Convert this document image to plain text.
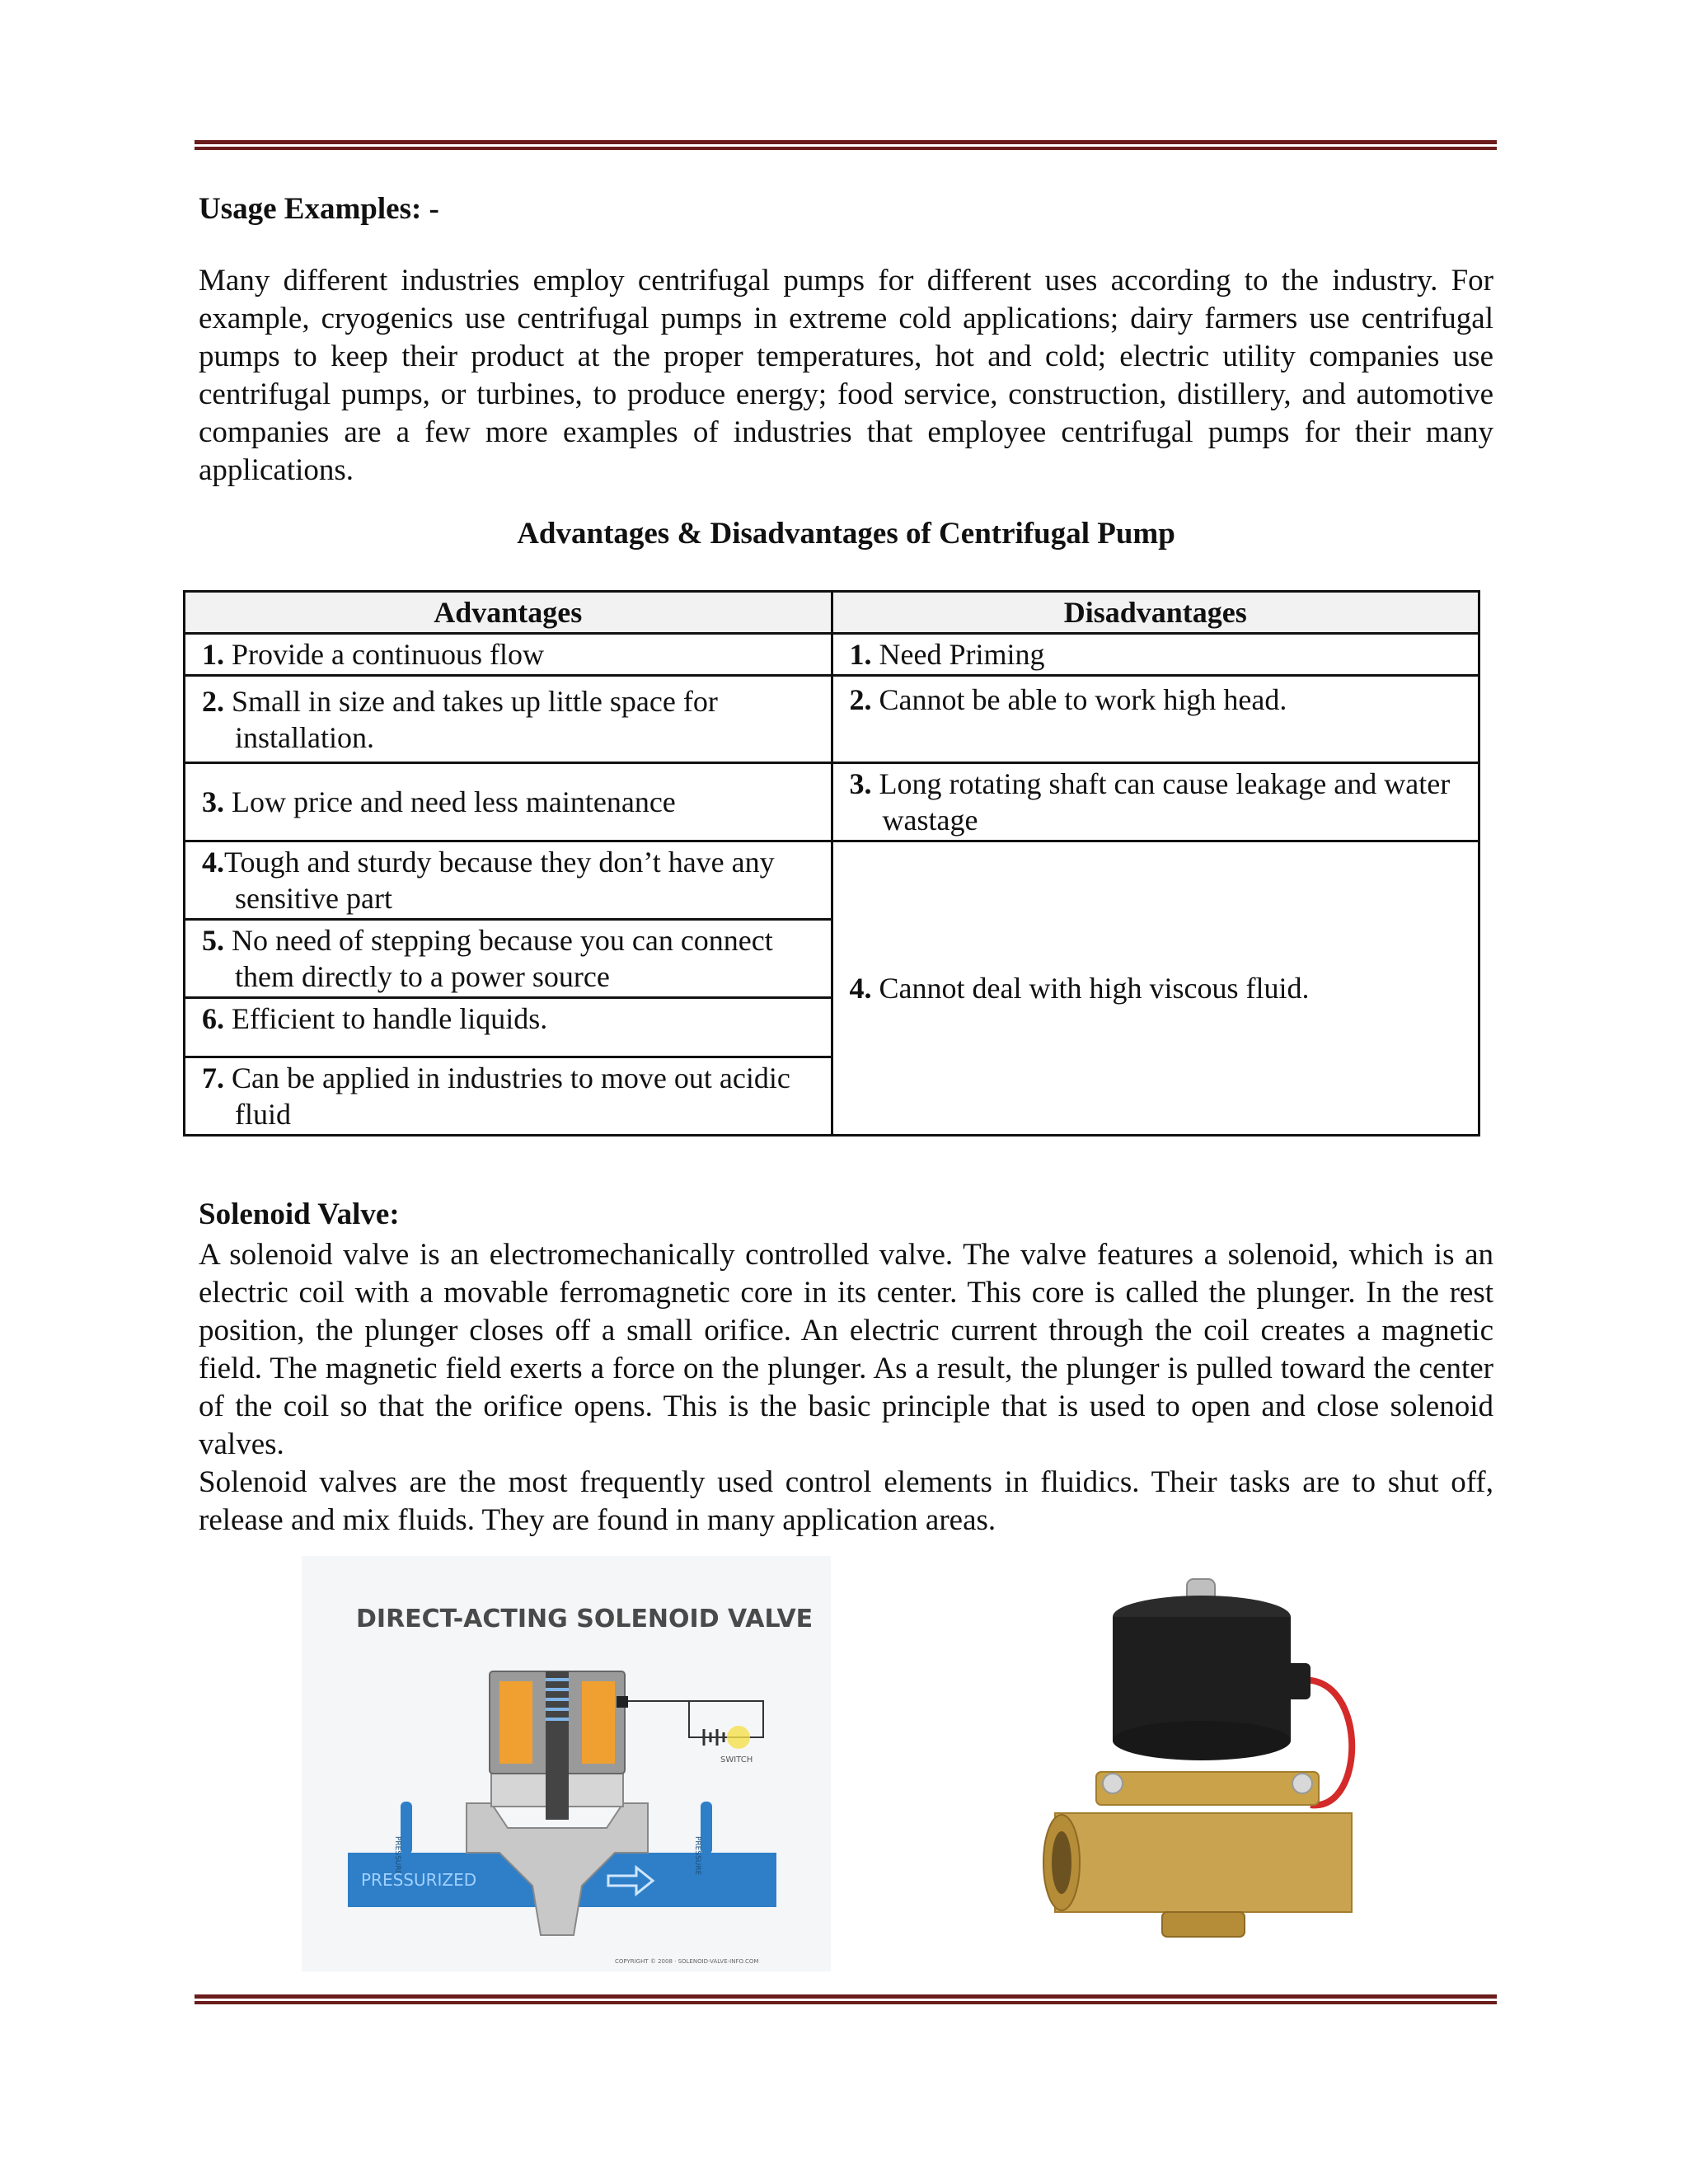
Usage Examples: -

Many different industries employ centrifugal pumps for different uses according to the industry. For example, cryogenics use centrifugal pumps in extreme cold applications; dairy farmers use centrifugal pumps to keep their product at the proper temperatures, hot and cold; electric utility companies use centrifugal pumps, or turbines, to produce energy; food service, construction, distillery, and automotive companies are a few more examples of industries that employee centrifugal pumps for their many applications.

Advantages & Disadvantages of Centrifugal Pump

Advantages	Disadvantages
1. Provide a continuous flow	1. Need Priming

2. Small in size and takes up little space for installation.	2. Cannot be able to work high head.
3. Low price and need less maintenance	3. Long rotating shaft can cause leakage and water wastage

4.Tough and sturdy because they don’t have any sensitive part	4. Cannot deal with high viscous fluid.

5. No need of stepping because you can connect them directly to a power source	

6. Efficient to handle liquids.	

7. Can be applied in industries to move out acidic fluid	

Solenoid Valve:

A solenoid valve is an electromechanically controlled valve. The valve features a solenoid, which is an electric coil with a movable ferromagnetic core in its center. This core is called the plunger. In the rest position, the plunger closes off a small orifice. An electric current through the coil creates a magnetic field. The magnetic field exerts a force on the plunger. As a result, the plunger is pulled toward the center of the coil so that the orifice opens. This is the basic principle that is used to open and close solenoid valves.

Solenoid valves are the most frequently used control elements in fluidics. Their tasks are to shut off, release and mix fluids. They are found in many application areas.

DIRECT-ACTING SOLENOID VALVE
PRESSURE	PRESSURE
SWITCH
PRESSURIZED
COPYRIGHT © 2008 · SOLENOID-VALVE-INFO.COM
